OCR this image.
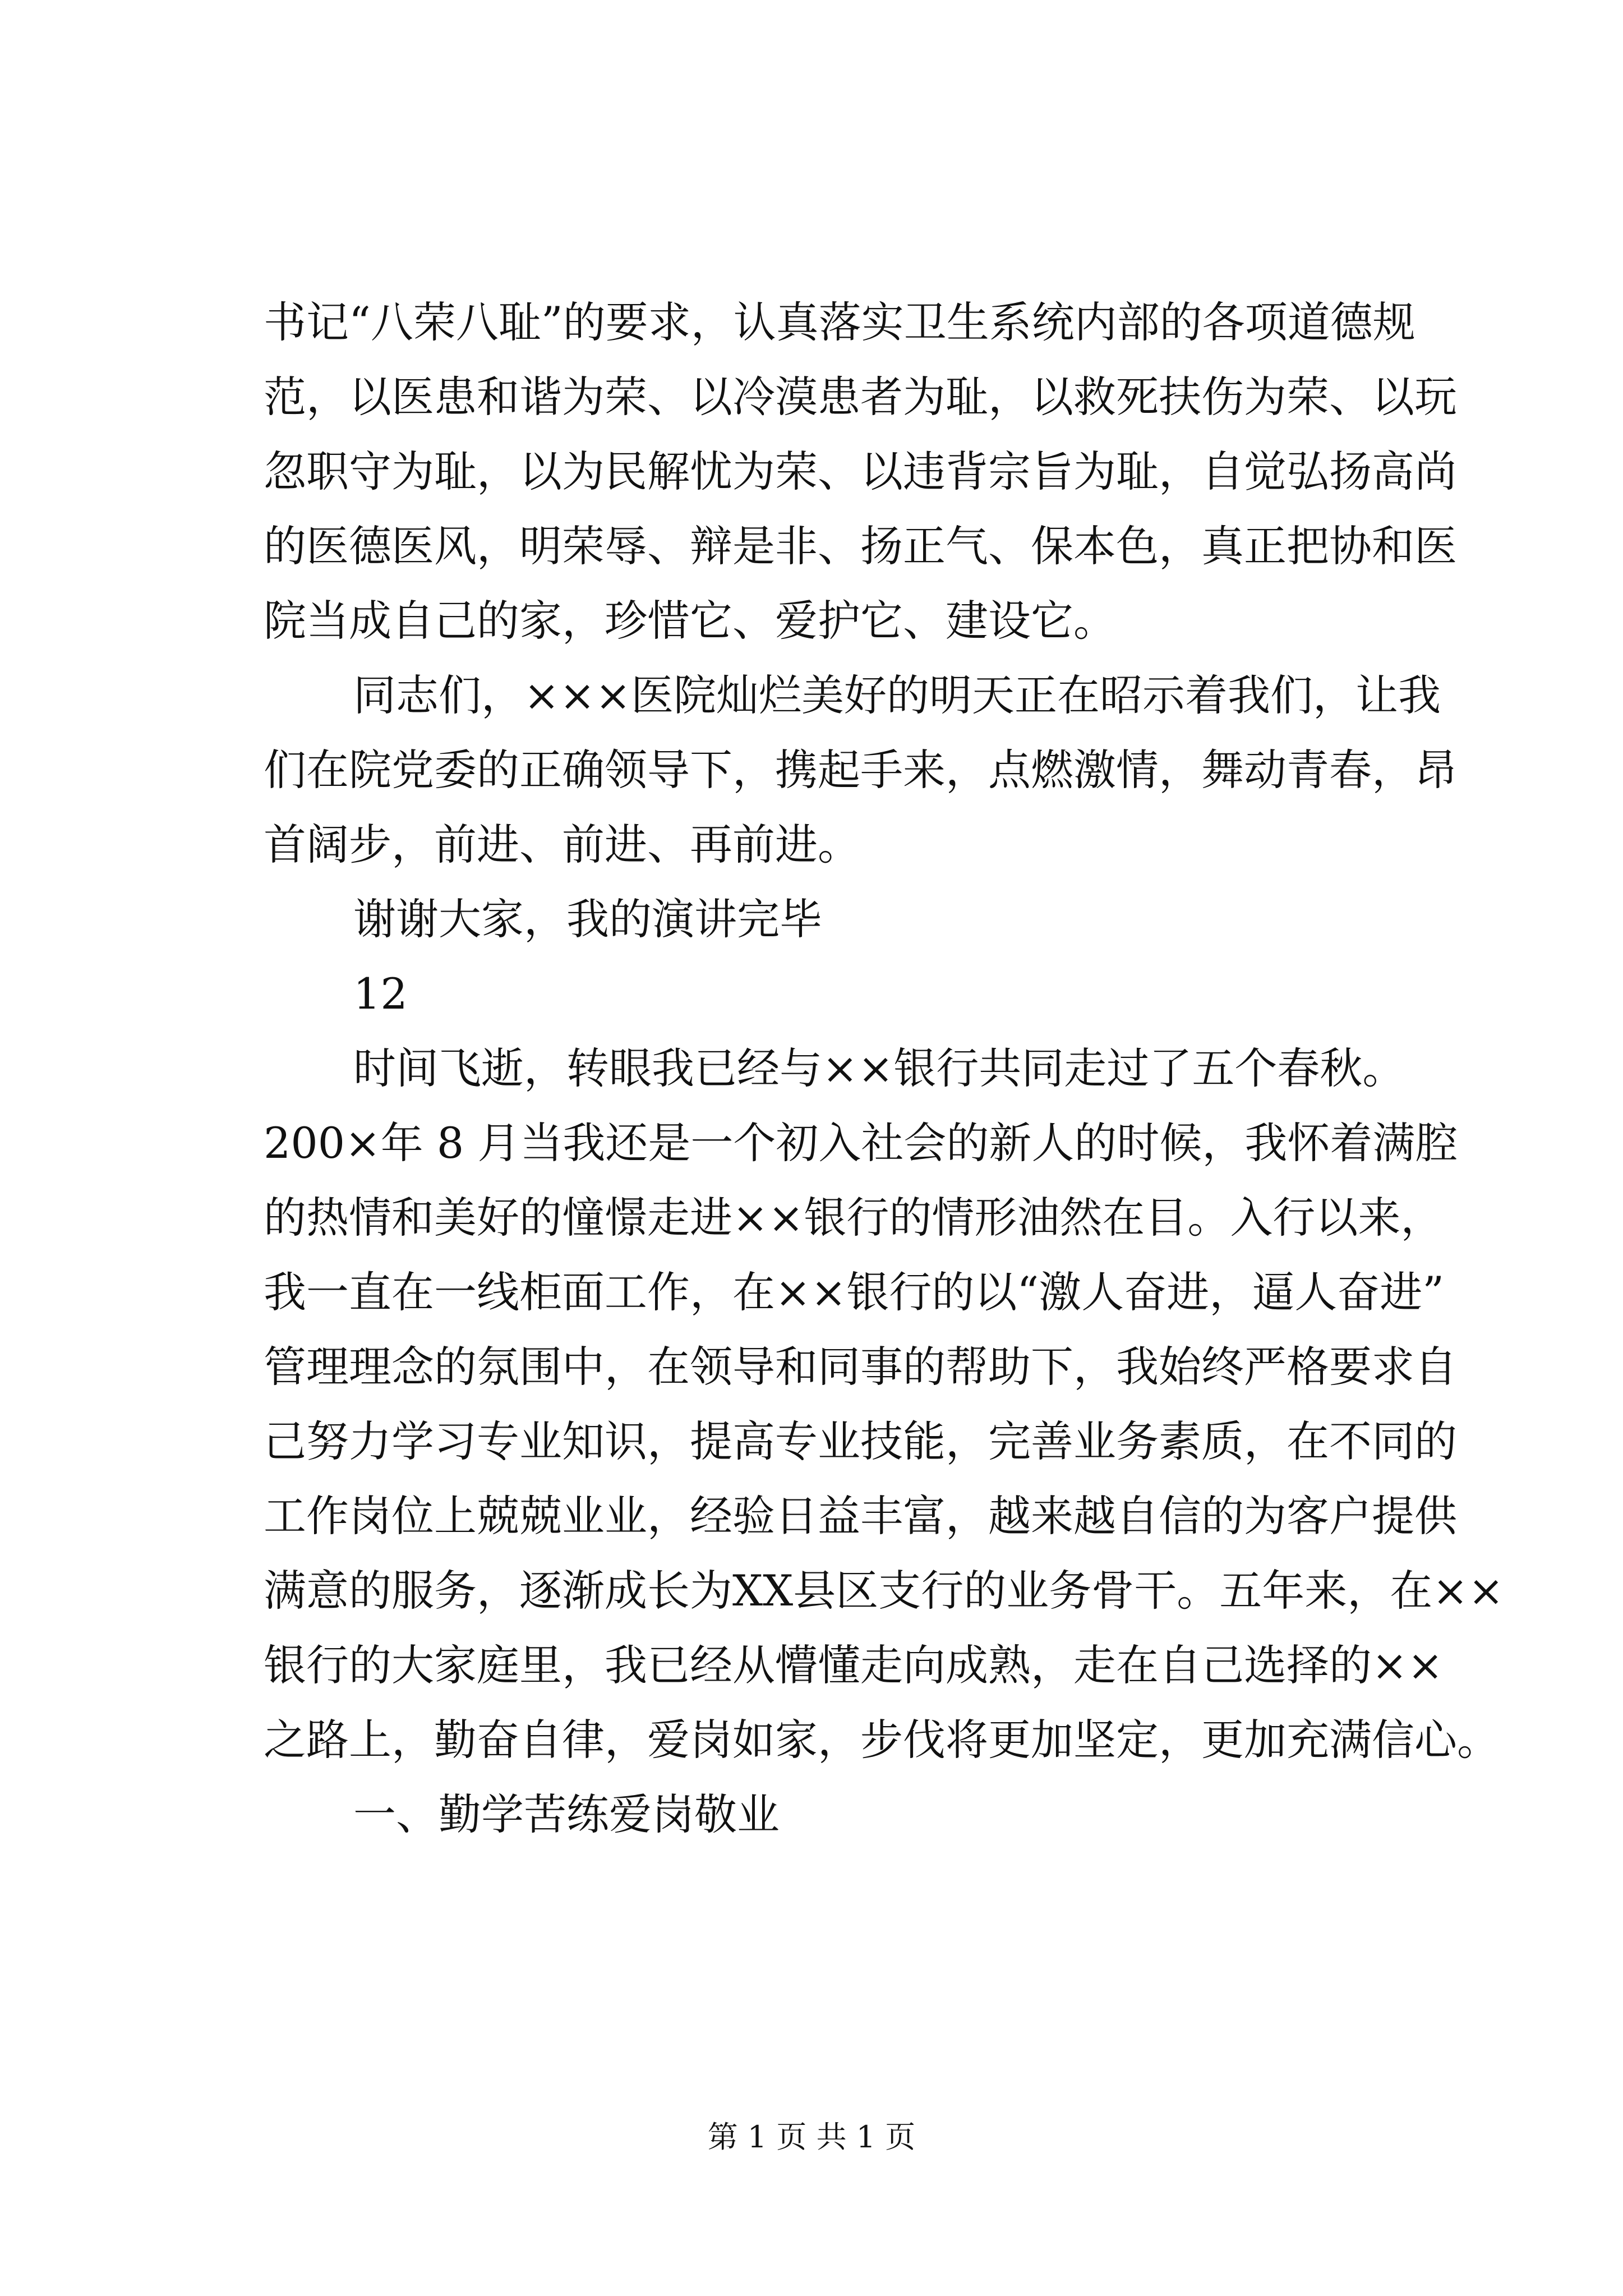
书记“八荣八耻”的要求，认真落实卫生系统内部的各项道德规
范，以医患和谐为荣、以冷漠患者为耻，以救死扶伤为荣、以玩
忽职守为耻，以为民解忧为荣、以违背宗旨为耻，自觉弘扬高尚
的医德医风，明荣辱、辩是非、扬正气、保本色，真正把协和医
院当成自己的家，珍惜它、爱护它、建设它。
同志们，×××医院灿烂美好的明天正在昭示着我们，让我
们在院党委的正确领导下，携起手来，点燃激情，舞动青春，昂
首阔步，前进、前进、再前进。
谢谢大家，我的演讲完毕
12
时间飞逝，转眼我已经与××银行共同走过了五个春秋。
200×年 8 月当我还是一个初入社会的新人的时候，我怀着满腔
的热情和美好的憧憬走进××银行的情形油然在目。入行以来，
我一直在一线柜面工作，在××银行的以“激人奋进，逼人奋进”
管理理念的氛围中，在领导和同事的帮助下，我始终严格要求自
己努力学习专业知识，提高专业技能，完善业务素质，在不同的
工作岗位上兢兢业业，经验日益丰富，越来越自信的为客户提供
满意的服务，逐渐成长为XX县区支行的业务骨干。五年来，在××
银行的大家庭里，我已经从懵懂走向成熟，走在自己选择的××
之路上，勤奋自律，爱岗如家，步伐将更加坚定，更加充满信心。
一、勤学苦练爱岗敬业
第 1 页 共 1 页
